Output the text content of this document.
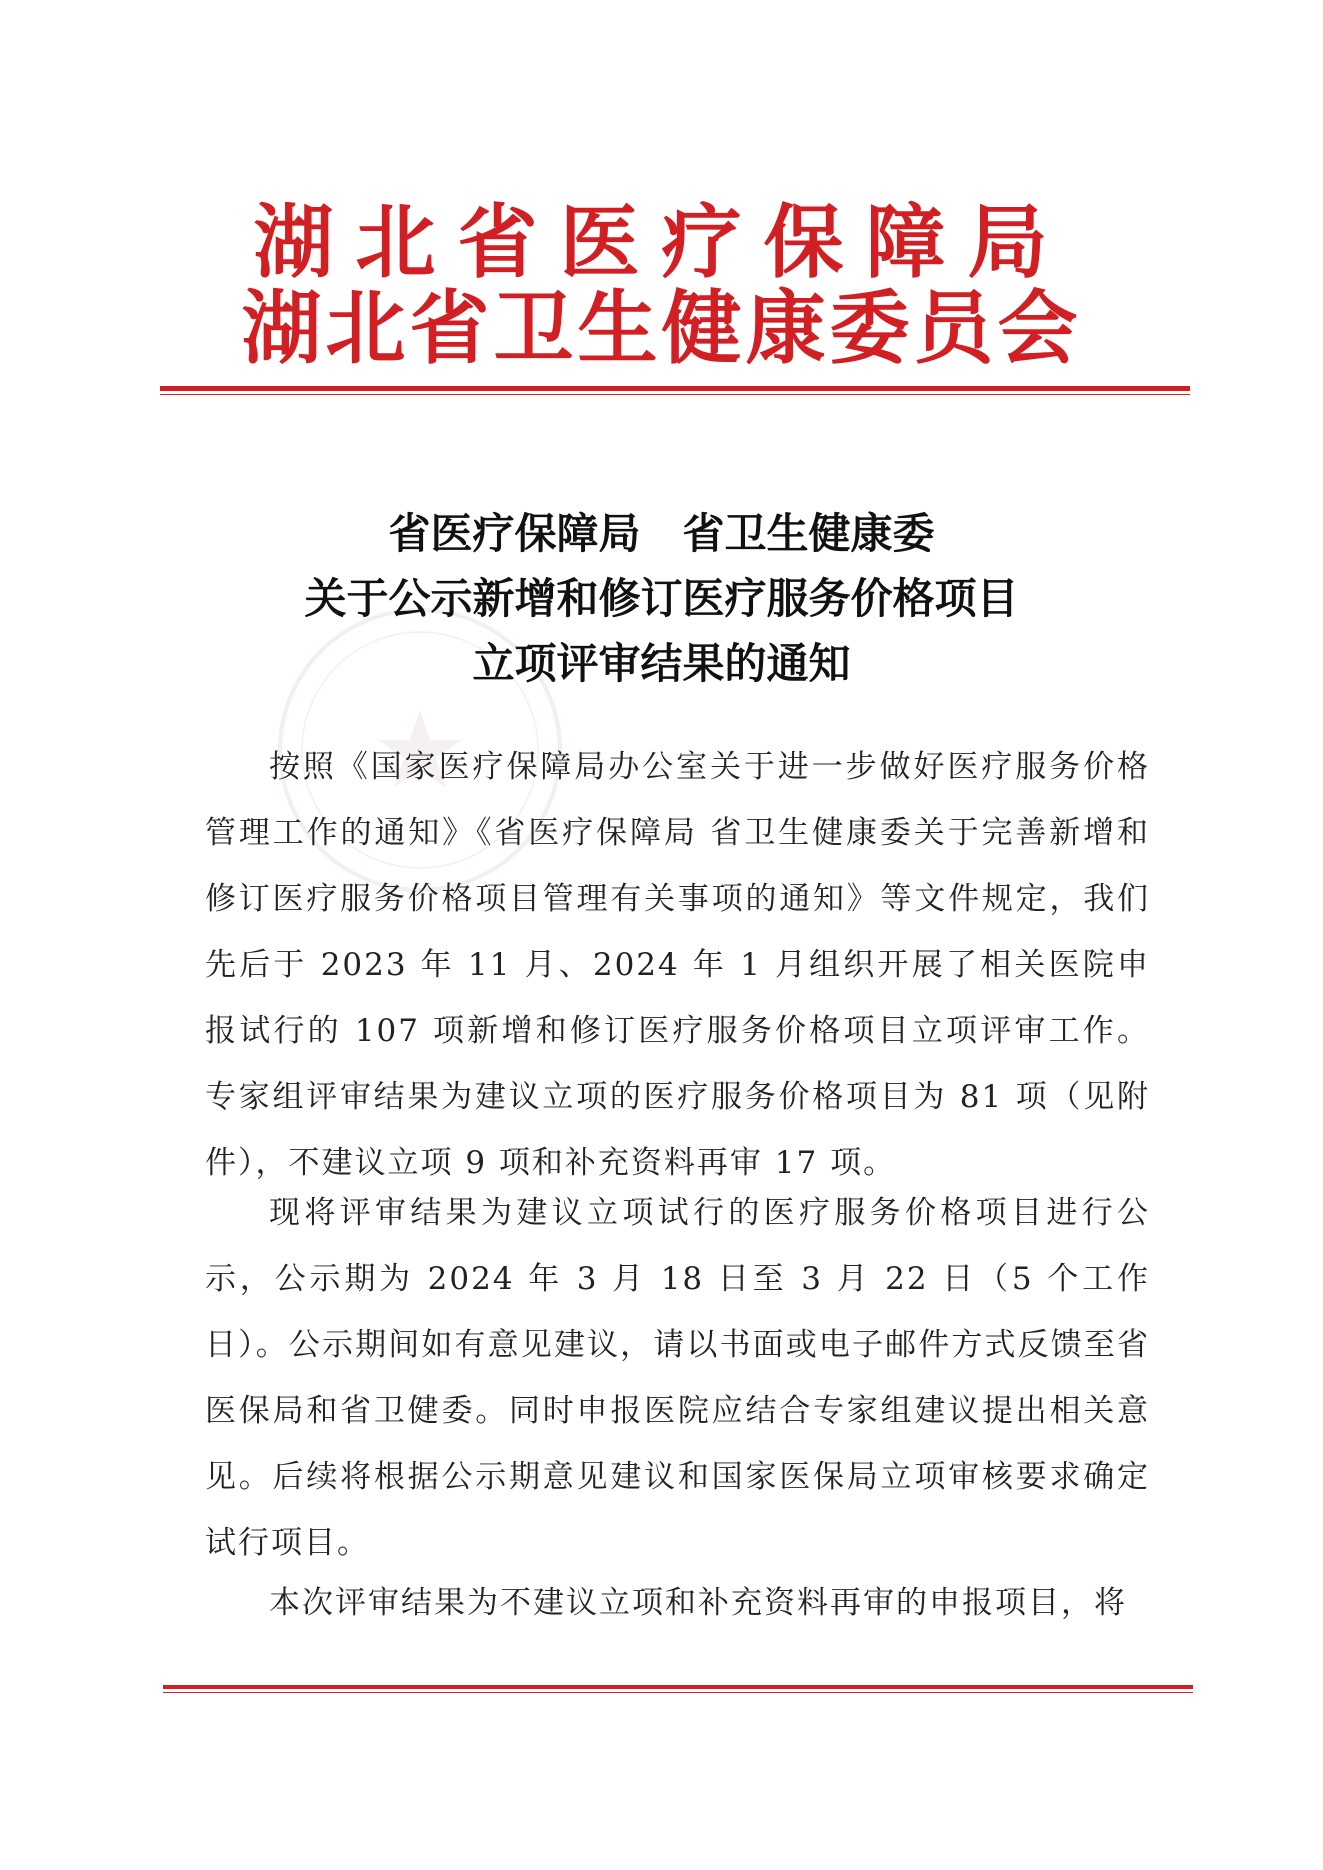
湖北省医疗保障局
湖北省卫生健康委员会
省医疗保障局　省卫生健康委
关于公示新增和修订医疗服务价格项目
立项评审结果的通知

按照《国家医疗保障局办公室关于进一步做好医疗服务价格管理工作的通知》《省医疗保障局 省卫生健康委关于完善新增和修订医疗服务价格项目管理有关事项的通知》等文件规定，我们先后于 2023 年 11 月、2024 年 1 月组织开展了相关医院申报试行的 107 项新增和修订医疗服务价格项目立项评审工作。专家组评审结果为建议立项的医疗服务价格项目为 81 项（见附件），不建议立项 9 项和补充资料再审 17 项。

现将评审结果为建议立项试行的医疗服务价格项目进行公示，公示期为 2024 年 3 月 18 日至 3 月 22 日（5 个工作日）。公示期间如有意见建议，请以书面或电子邮件方式反馈至省医保局和省卫健委。同时申报医院应结合专家组建议提出相关意见。后续将根据公示期意见建议和国家医保局立项审核要求确定试行项目。

本次评审结果为不建议立项和补充资料再审的申报项目，将
